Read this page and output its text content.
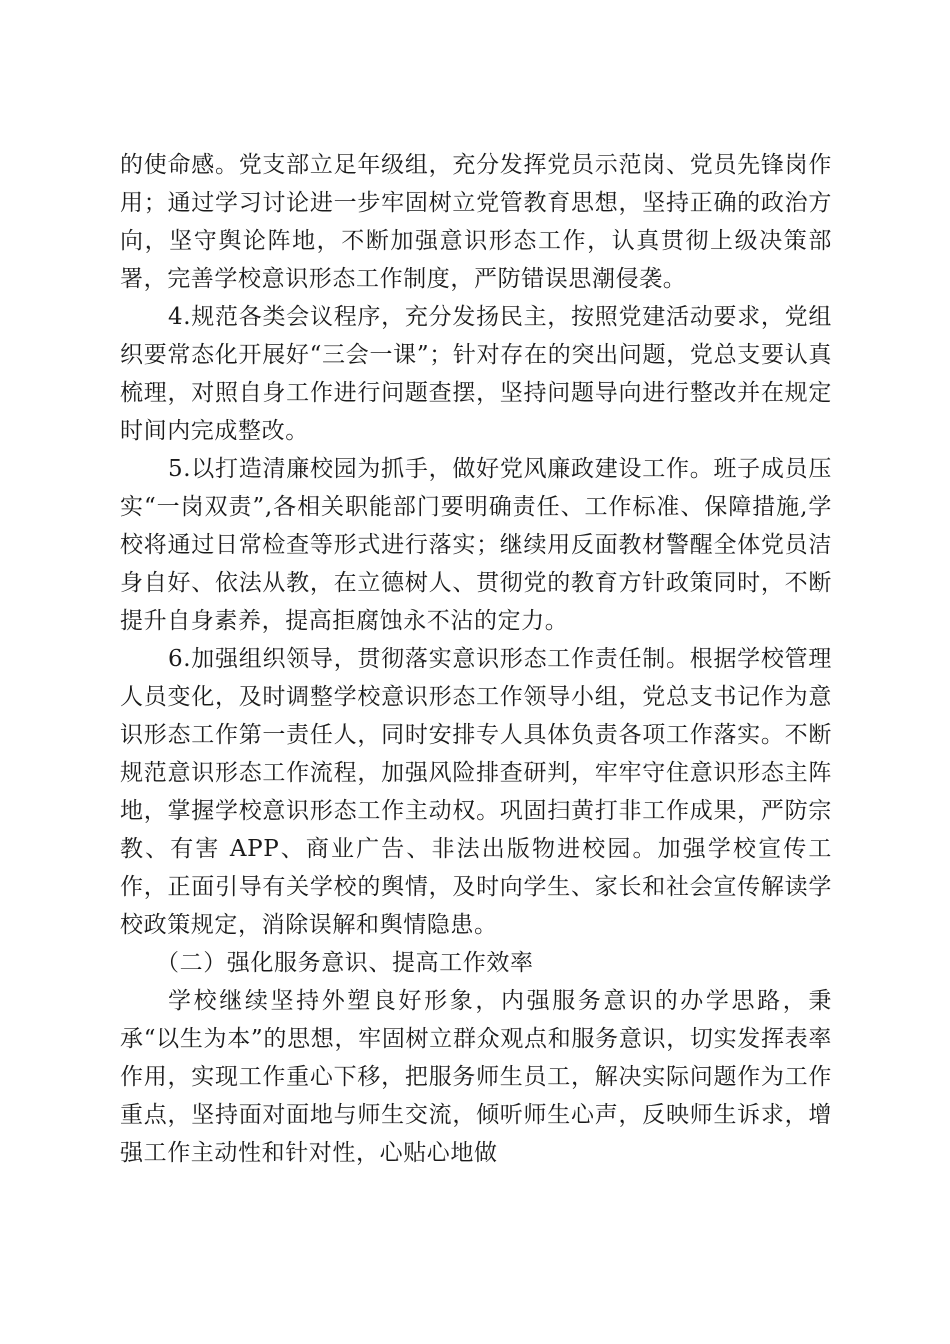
的使命感。党支部立足年级组，充分发挥党员示范岗、党员先锋岗作用；通过学习讨论进一步牢固树立党管教育思想，坚持正确的政治方向，坚守舆论阵地，不断加强意识形态工作，认真贯彻上级决策部署，完善学校意识形态工作制度，严防错误思潮侵袭。

4.规范各类会议程序，充分发扬民主，按照党建活动要求，党组织要常态化开展好“三会一课”；针对存在的突出问题，党总支要认真梳理，对照自身工作进行问题查摆，坚持问题导向进行整改并在规定时间内完成整改。

5.以打造清廉校园为抓手，做好党风廉政建设工作。班子成员压实“一岗双责”,各相关职能部门要明确责任、工作标准、保障措施,学校将通过日常检查等形式进行落实；继续用反面教材警醒全体党员洁身自好、依法从教，在立德树人、贯彻党的教育方针政策同时，不断提升自身素养，提高拒腐蚀永不沾的定力。

6.加强组织领导，贯彻落实意识形态工作责任制。根据学校管理人员变化，及时调整学校意识形态工作领导小组，党总支书记作为意识形态工作第一责任人，同时安排专人具体负责各项工作落实。不断规范意识形态工作流程，加强风险排查研判，牢牢守住意识形态主阵地，掌握学校意识形态工作主动权。巩固扫黄打非工作成果，严防宗教、有害 APP、商业广告、非法出版物进校园。加强学校宣传工作，正面引导有关学校的舆情，及时向学生、家长和社会宣传解读学校政策规定，消除误解和舆情隐患。

（二）强化服务意识、提高工作效率

学校继续坚持外塑良好形象，内强服务意识的办学思路，秉承“以生为本”的思想，牢固树立群众观点和服务意识，切实发挥表率作用，实现工作重心下移，把服务师生员工，解决实际问题作为工作重点，坚持面对面地与师生交流，倾听师生心声，反映师生诉求，增强工作主动性和针对性，心贴心地做
